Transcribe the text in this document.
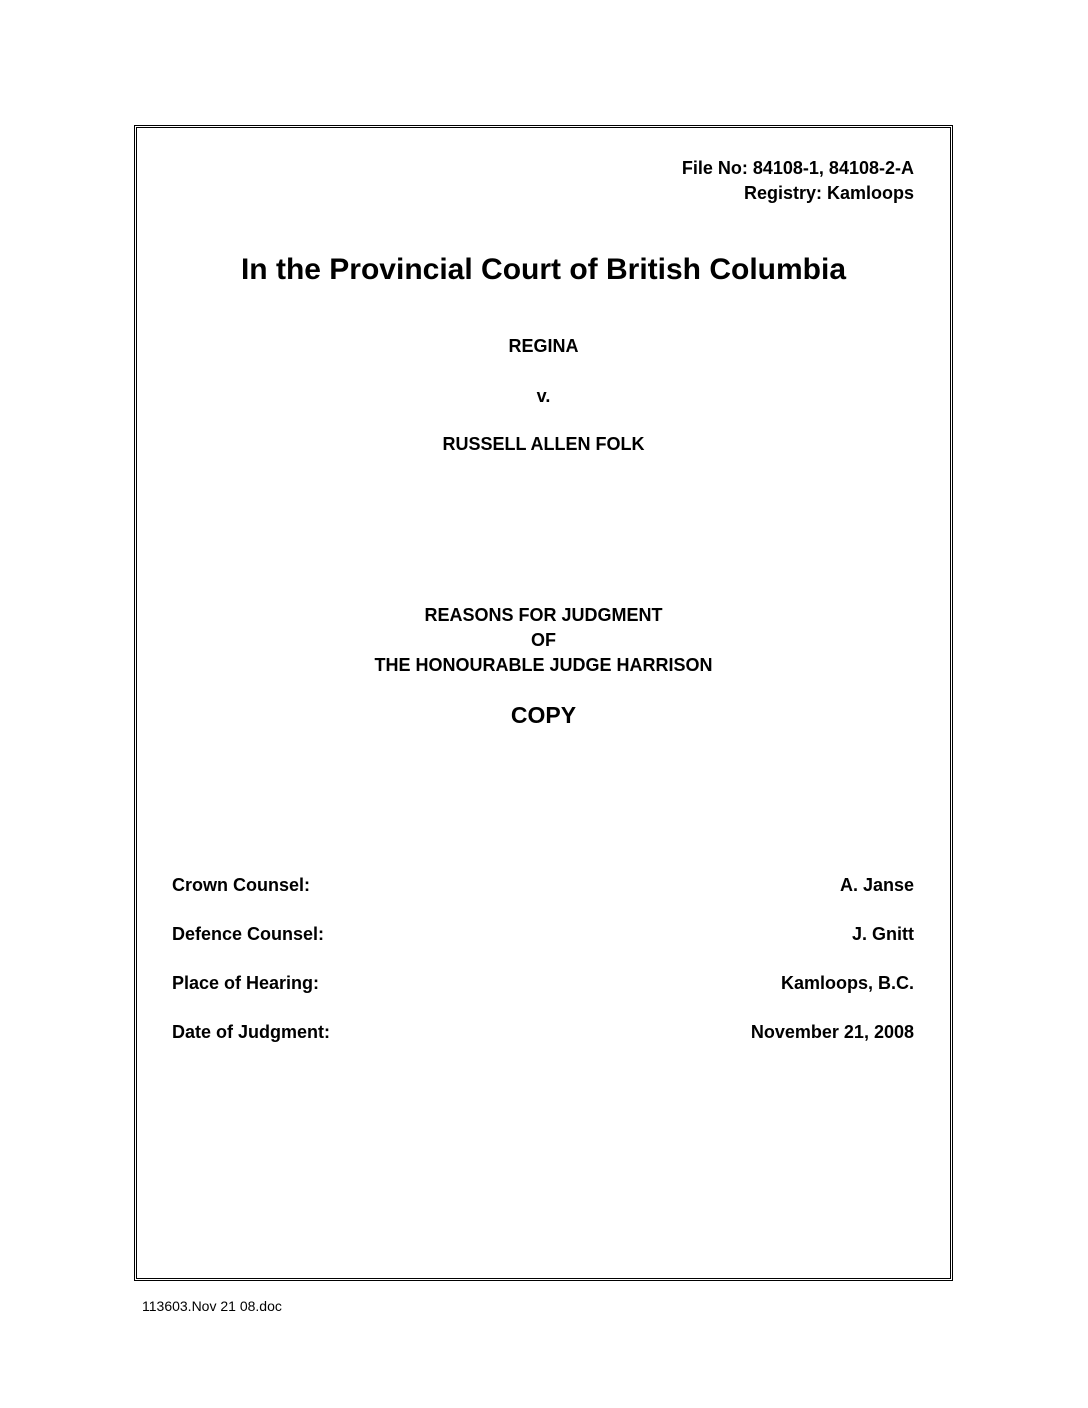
File No: 84108-1, 84108-2-A
Registry: Kamloops
In the Provincial Court of British Columbia
REGINA
v.
RUSSELL ALLEN FOLK
REASONS FOR JUDGMENT
OF
THE HONOURABLE JUDGE HARRISON
COPY
Crown Counsel:	A. Janse
Defence Counsel:	J. Gnitt
Place of Hearing:	Kamloops, B.C.
Date of Judgment:	November 21, 2008
113603.Nov 21 08.doc
